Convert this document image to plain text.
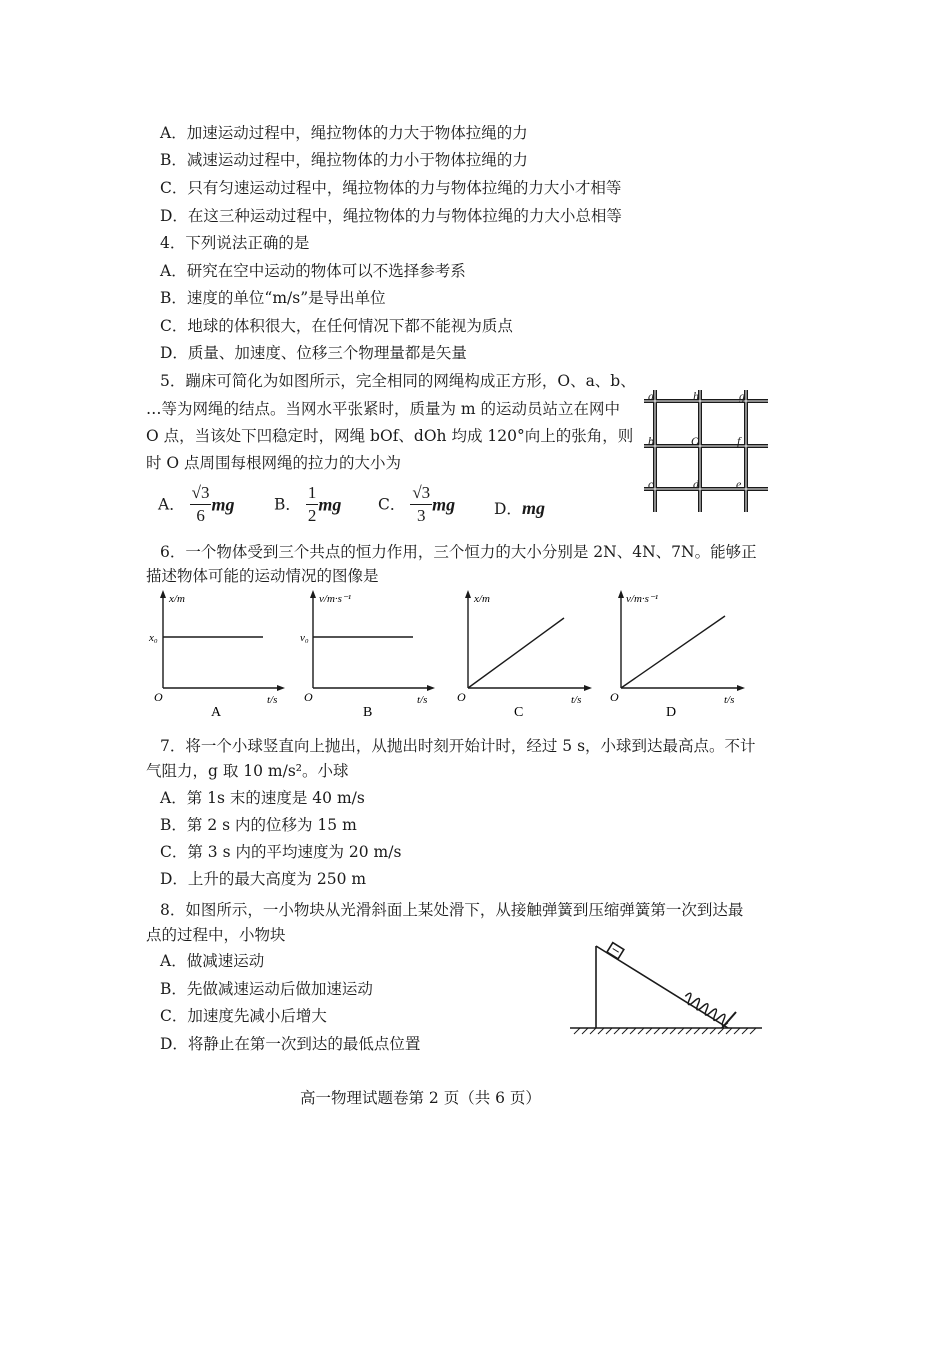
A．加速运动过程中，绳拉物体的力大于物体拉绳的力
B．减速运动过程中，绳拉物体的力小于物体拉绳的力
C．只有匀速运动过程中，绳拉物体的力与物体拉绳的力大小才相等
D．在这三种运动过程中，绳拉物体的力与物体拉绳的力大小总相等
4．下列说法正确的是
A．研究在空中运动的物体可以不选择参考系
B．速度的单位“m/s”是导出单位
C．地球的体积很大，在任何情况下都不能视为质点
D．质量、加速度、位移三个物理量都是矢量
5．蹦床可简化为如图所示，完全相同的网绳构成正方形，O、a、b、
…等为网绳的结点。当网水平张紧时，质量为 m 的运动员站立在网中
O 点，当该处下凹稳定时，网绳 bOf、dOh 均成 120°向上的张角，则
时 O 点周围每根网绳的拉力的大小为
A． $\frac{√3}{6}$ mg	B． $\frac{1}{2}$ mg C． $\frac{√3}{3}$ mg	D．mg
a	h	g
b	O	f
c	d	e
6．一个物体受到三个共点的恒力作用，三个恒力的大小分别是 2N、4N、7N。能够正
描述物体可能的运动情况的图像是
x/m
x₀
O	t/s
A
v/m·s⁻¹
v₀
O	t/s
B
x/m
O	t/s
C
v/m·s⁻¹
O	t/s
D
7．将一个小球竖直向上抛出，从抛出时刻开始计时，经过 5 s，小球到达最高点。不计
气阻力，g 取 10 m/s²。小球
A．第 1s 末的速度是 40 m/s
B．第 2 s 内的位移为 15 m
C．第 3 s 内的平均速度为 20 m/s
D．上升的最大高度为 250 m
8．如图所示，一小物块从光滑斜面上某处滑下，从接触弹簧到压缩弹簧第一次到达最
点的过程中，小物块
A．做减速运动
B．先做减速运动后做加速运动
C．加速度先减小后增大
D．将静止在第一次到达的最低点位置
高一物理试题卷第 2 页（共 6 页）
